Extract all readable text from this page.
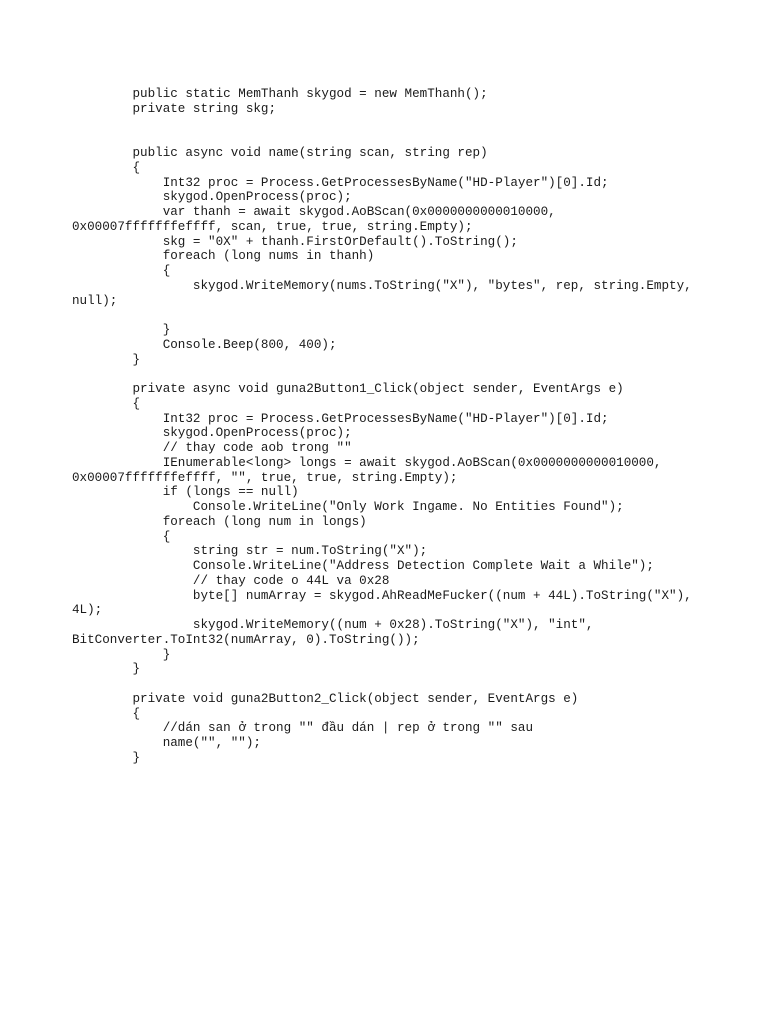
public static MemThanh skygod = new MemThanh();
private string skg;
public async void name(string scan, string rep)
{
Int32 proc = Process.GetProcessesByName("HD-Player")[0].Id;
skygod.OpenProcess(proc);
var thanh = await skygod.AoBScan(0x0000000000010000,
0x00007fffffffeffff, scan, true, true, string.Empty);
skg = "0X" + thanh.FirstOrDefault().ToString();
foreach (long nums in thanh)
{
skygod.WriteMemory(nums.ToString("X"), "bytes", rep, string.Empty,
null);
}
Console.Beep(800, 400);
}
private async void guna2Button1_Click(object sender, EventArgs e)
{
Int32 proc = Process.GetProcessesByName("HD-Player")[0].Id;
skygod.OpenProcess(proc);
// thay code aob trong ""
IEnumerable<long> longs = await skygod.AoBScan(0x0000000000010000,
0x00007fffffffeffff, "", true, true, string.Empty);
if (longs == null)
Console.WriteLine("Only Work Ingame. No Entities Found");
foreach (long num in longs)
{
string str = num.ToString("X");
Console.WriteLine("Address Detection Complete Wait a While");
// thay code o 44L va 0x28
byte[] numArray = skygod.AhReadMeFucker((num + 44L).ToString("X"),
4L);
skygod.WriteMemory((num + 0x28).ToString("X"), "int",
BitConverter.ToInt32(numArray, 0).ToString());
}
}
private void guna2Button2_Click(object sender, EventArgs e)
{
//dán san ở trong "" đầu dán | rep ở trong "" sau
name("", "");
}
